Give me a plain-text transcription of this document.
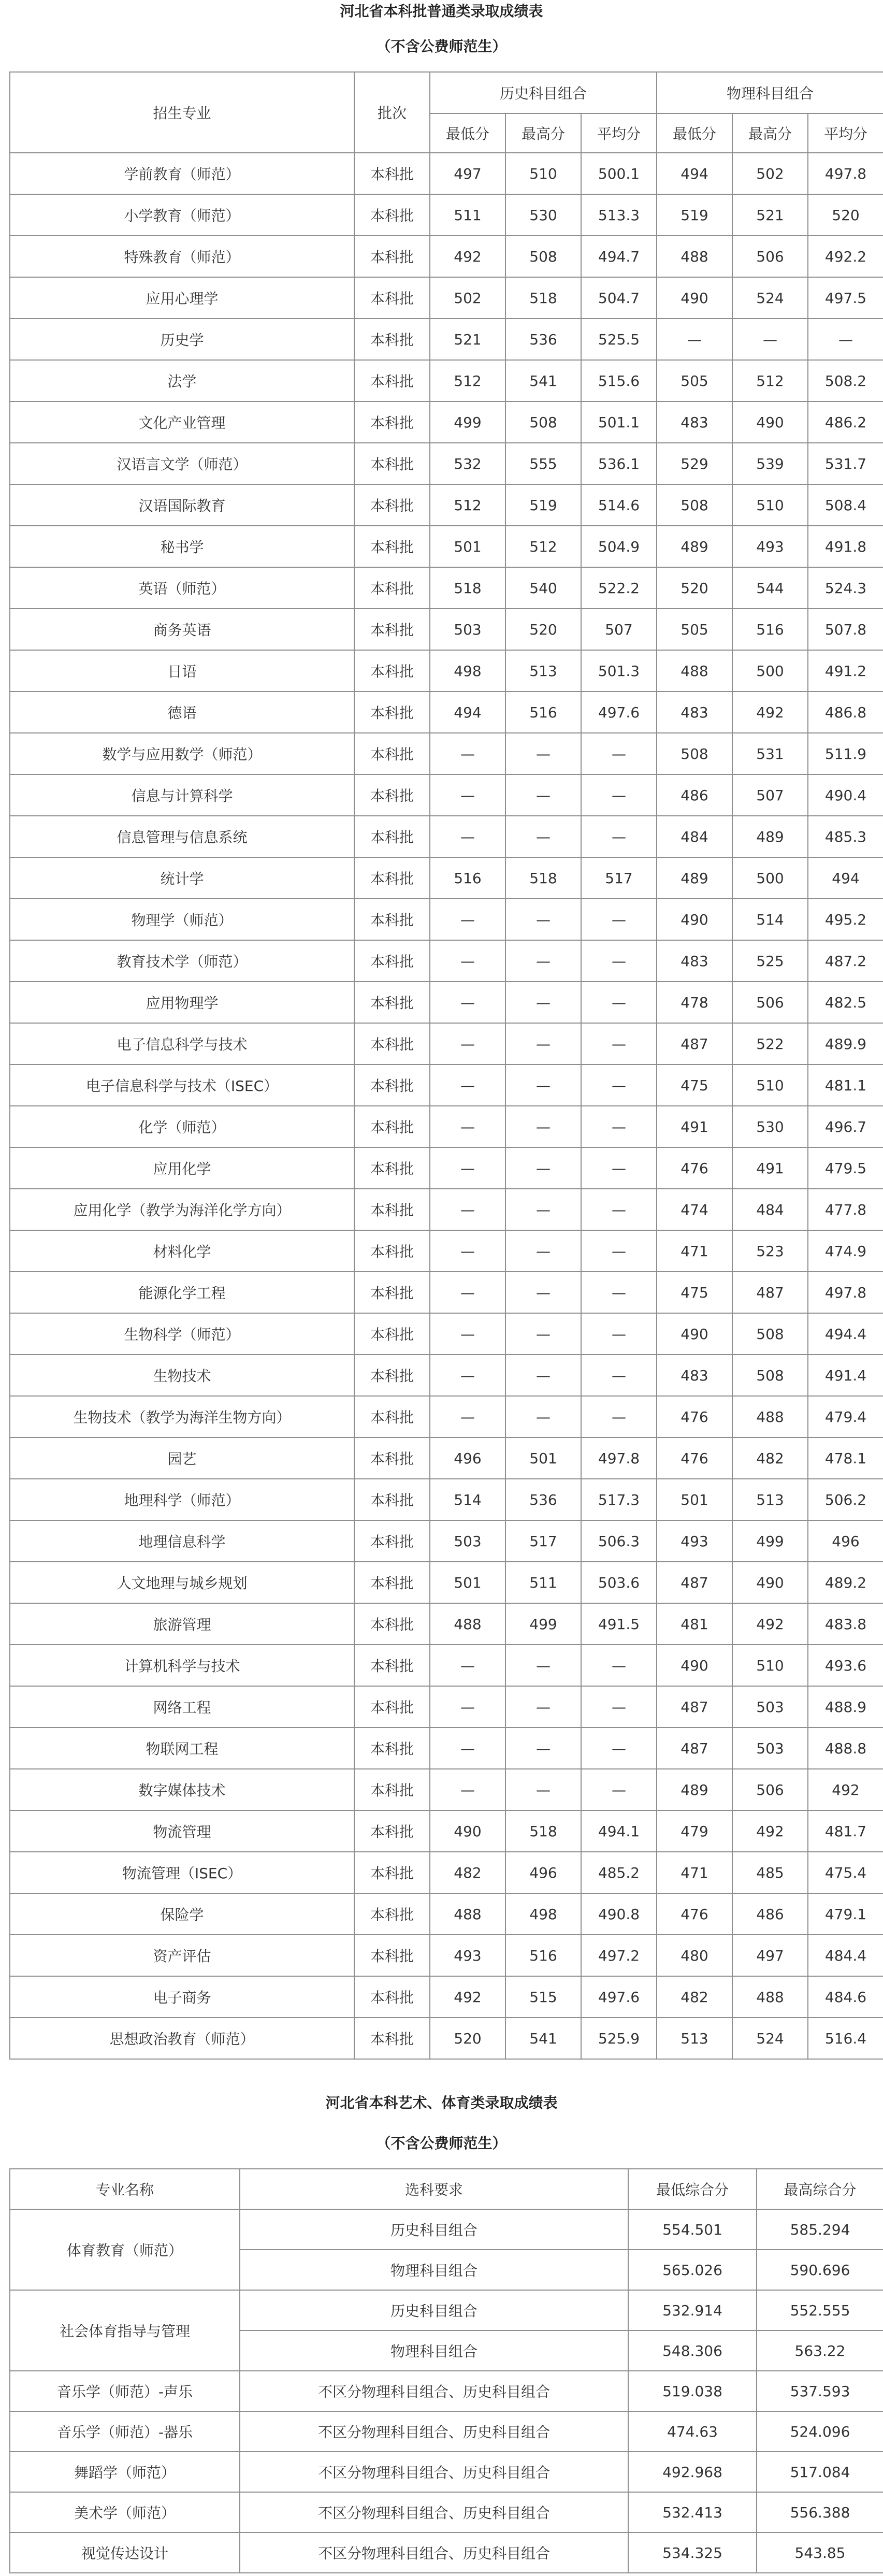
河北省本科批普通类录取成绩表
（不含公费师范生）
招生专业	批次	历史科目组合			物理科目组合		
		最低分	最高分	平均分	最低分	最高分	平均分
学前教育（师范）	本科批	497	510	500.1	494	502	497.8
小学教育（师范）	本科批	511	530	513.3	519	521	520
特殊教育（师范）	本科批	492	508	494.7	488	506	492.2
应用心理学	本科批	502	518	504.7	490	524	497.5
历史学	本科批	521	536	525.5	—	—	—
法学	本科批	512	541	515.6	505	512	508.2
文化产业管理	本科批	499	508	501.1	483	490	486.2
汉语言文学（师范）	本科批	532	555	536.1	529	539	531.7
汉语国际教育	本科批	512	519	514.6	508	510	508.4
秘书学	本科批	501	512	504.9	489	493	491.8
英语（师范）	本科批	518	540	522.2	520	544	524.3
商务英语	本科批	503	520	507	505	516	507.8
日语	本科批	498	513	501.3	488	500	491.2
德语	本科批	494	516	497.6	483	492	486.8
数学与应用数学（师范）	本科批	—	—	—	508	531	511.9
信息与计算科学	本科批	—	—	—	486	507	490.4
信息管理与信息系统	本科批	—	—	—	484	489	485.3
统计学	本科批	516	518	517	489	500	494
物理学（师范）	本科批	—	—	—	490	514	495.2
教育技术学（师范）	本科批	—	—	—	483	525	487.2
应用物理学	本科批	—	—	—	478	506	482.5
电子信息科学与技术	本科批	—	—	—	487	522	489.9
电子信息科学与技术（ISEC）	本科批	—	—	—	475	510	481.1
化学（师范）	本科批	—	—	—	491	530	496.7
应用化学	本科批	—	—	—	476	491	479.5
应用化学（教学为海洋化学方向）	本科批	—	—	—	474	484	477.8
材料化学	本科批	—	—	—	471	523	474.9
能源化学工程	本科批	—	—	—	475	487	497.8
生物科学（师范）	本科批	—	—	—	490	508	494.4
生物技术	本科批	—	—	—	483	508	491.4
生物技术（教学为海洋生物方向）	本科批	—	—	—	476	488	479.4
园艺	本科批	496	501	497.8	476	482	478.1
地理科学（师范）	本科批	514	536	517.3	501	513	506.2
地理信息科学	本科批	503	517	506.3	493	499	496
人文地理与城乡规划	本科批	501	511	503.6	487	490	489.2
旅游管理	本科批	488	499	491.5	481	492	483.8
计算机科学与技术	本科批	—	—	—	490	510	493.6
网络工程	本科批	—	—	—	487	503	488.9
物联网工程	本科批	—	—	—	487	503	488.8
数字媒体技术	本科批	—	—	—	489	506	492
物流管理	本科批	490	518	494.1	479	492	481.7
物流管理（ISEC）	本科批	482	496	485.2	471	485	475.4
保险学	本科批	488	498	490.8	476	486	479.1
资产评估	本科批	493	516	497.2	480	497	484.4
电子商务	本科批	492	515	497.6	482	488	484.6
思想政治教育（师范）	本科批	520	541	525.9	513	524	516.4
河北省本科艺术、体育类录取成绩表
（不含公费师范生）
专业名称	选科要求	最低综合分	最高综合分
体育教育（师范）	历史科目组合	554.501	585.294
	物理科目组合	565.026	590.696
社会体育指导与管理	历史科目组合	532.914	552.555
	物理科目组合	548.306	563.22
音乐学（师范）-声乐	不区分物理科目组合、历史科目组合	519.038	537.593
音乐学（师范）-器乐	不区分物理科目组合、历史科目组合	474.63	524.096
舞蹈学（师范）	不区分物理科目组合、历史科目组合	492.968	517.084
美术学（师范）	不区分物理科目组合、历史科目组合	532.413	556.388
视觉传达设计	不区分物理科目组合、历史科目组合	534.325	543.85
